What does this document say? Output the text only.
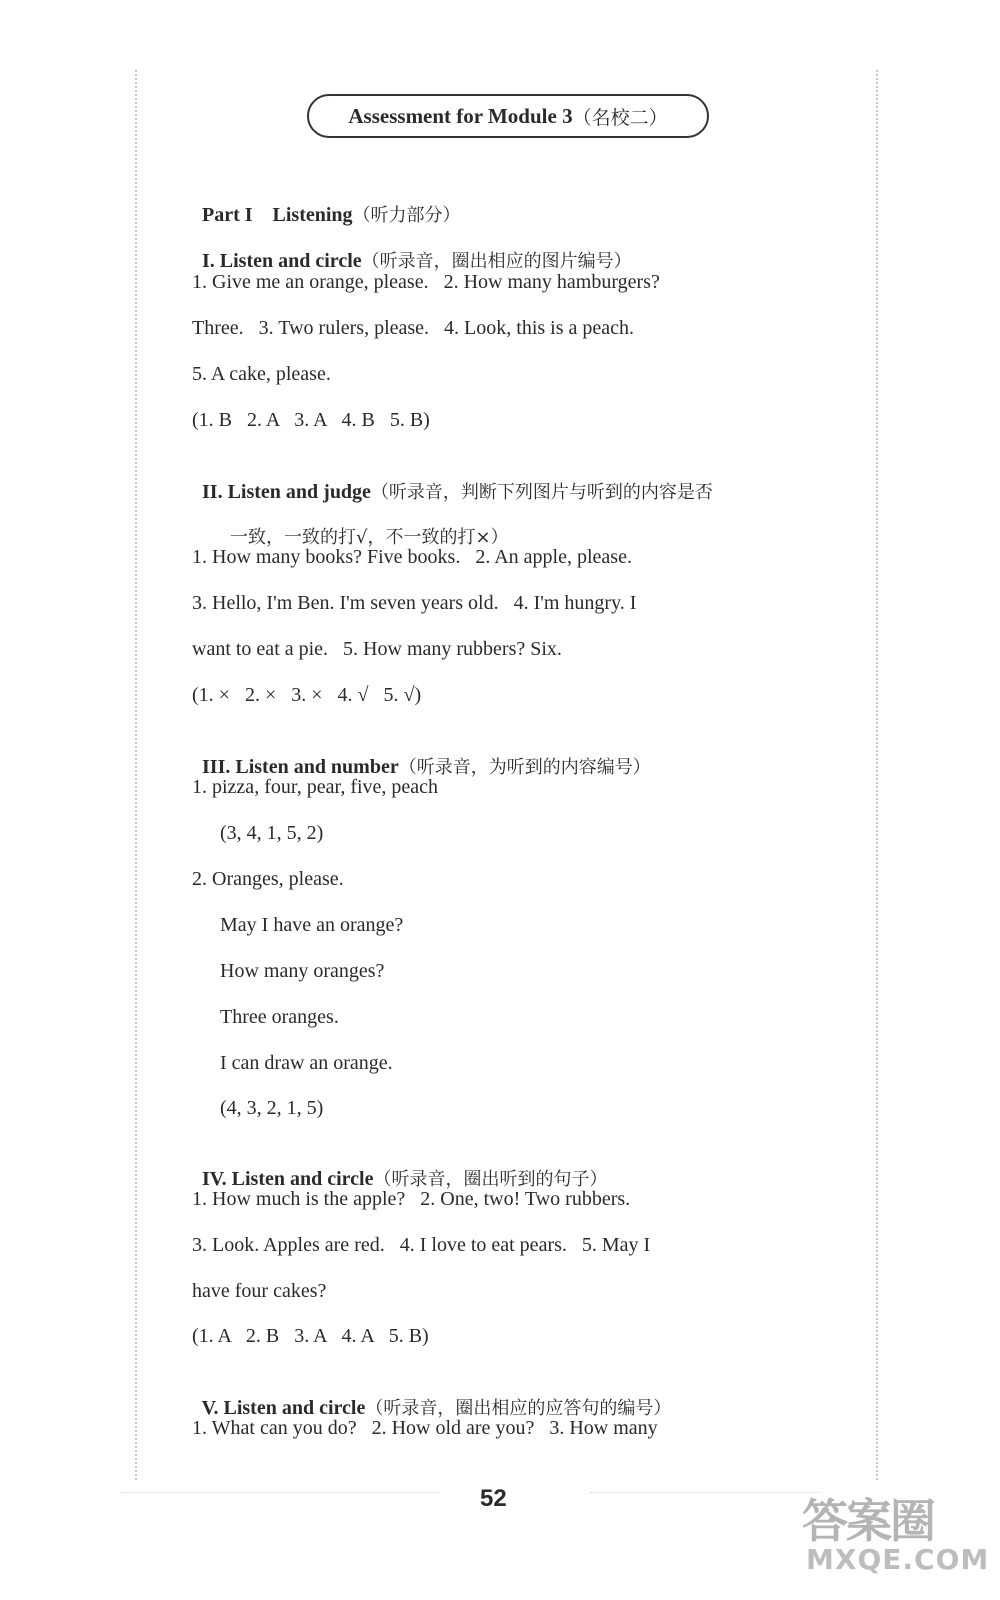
Assessment for Module 3 （名校二）

Part I　Listening（听力部分）

I. Listen and circle（听录音，圈出相应的图片编号）

1. Give me an orange, please.   2. How many hamburgers?
Three.   3. Two rulers, please.   4. Look, this is a peach.
5. A cake, please.
(1. B   2. A   3. A   4. B   5. B)

II. Listen and judge（听录音，判断下列图片与听到的内容是否

一致，一致的打√，不一致的打×）

1. How many books? Five books.   2. An apple, please.
3. Hello, I'm Ben. I'm seven years old.   4. I'm hungry. I
want to eat a pie.   5. How many rubbers? Six.
(1. ×   2. ×   3. ×   4. √   5. √)

III. Listen and number（听录音，为听到的内容编号）

1. pizza, four, pear, five, peach
(3, 4, 1, 5, 2)
2. Oranges, please.
May I have an orange?
How many oranges?
Three oranges.
I can draw an orange.
(4, 3, 2, 1, 5)

IV. Listen and circle（听录音，圈出听到的句子）

1. How much is the apple?   2. One, two! Two rubbers.
3. Look. Apples are red.   4. I love to eat pears.   5. May I
have four cakes?
(1. A   2. B   3. A   4. A   5. B)

V. Listen and circle（听录音，圈出相应的应答句的编号）

1. What can you do?   2. How old are you?   3. How many
52	答案圈
MXQE.COM
